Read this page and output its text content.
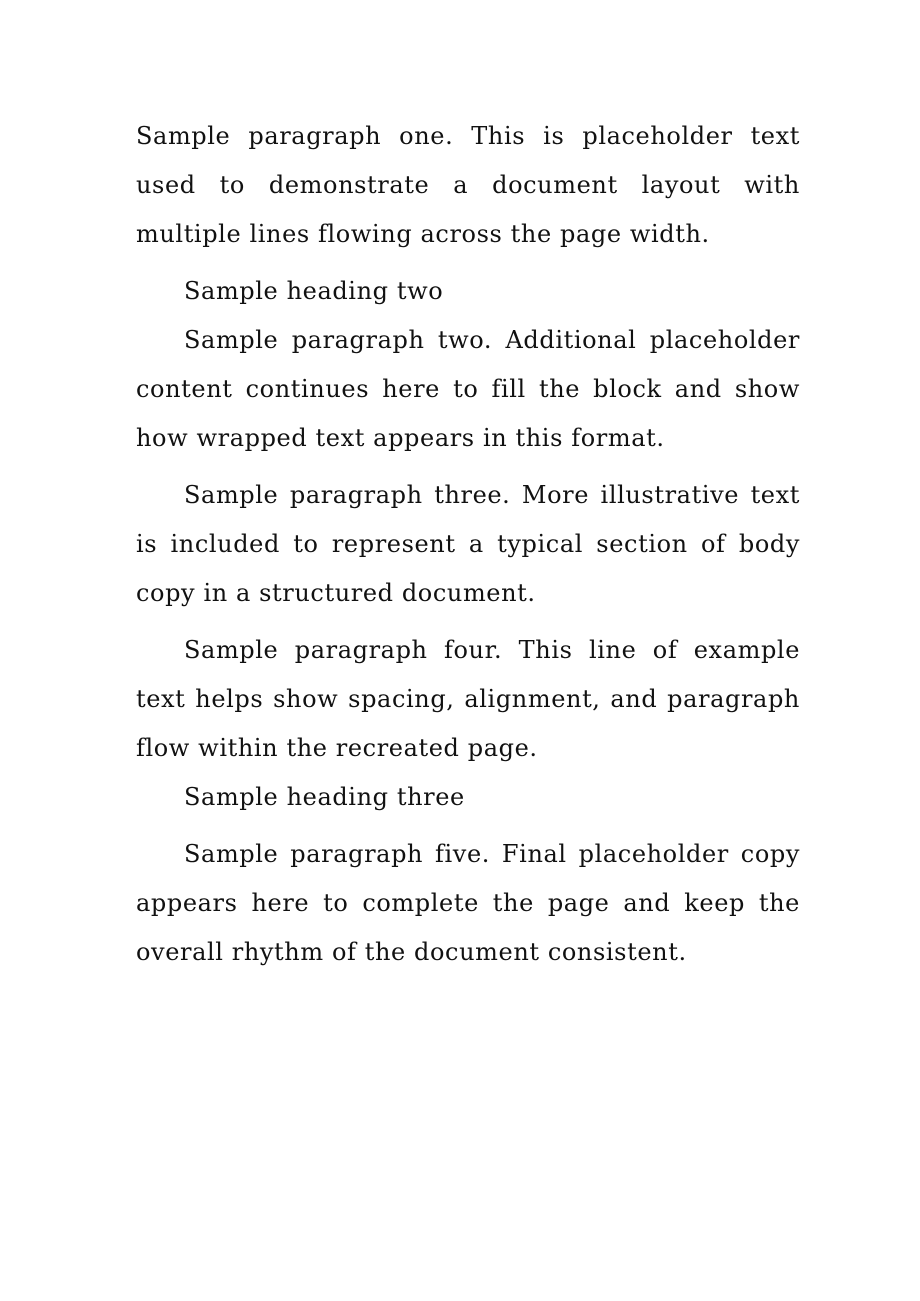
Sample paragraph one. This is placeholder text used to demonstrate a document layout with multiple lines flowing across the page width.

Sample heading two

Sample paragraph two. Additional placeholder content continues here to fill the block and show how wrapped text appears in this format.

Sample paragraph three. More illustrative text is included to represent a typical section of body copy in a structured document.

Sample paragraph four. This line of example text helps show spacing, alignment, and paragraph flow within the recreated page.

Sample heading three

Sample paragraph five. Final placeholder copy appears here to complete the page and keep the overall rhythm of the document consistent.
